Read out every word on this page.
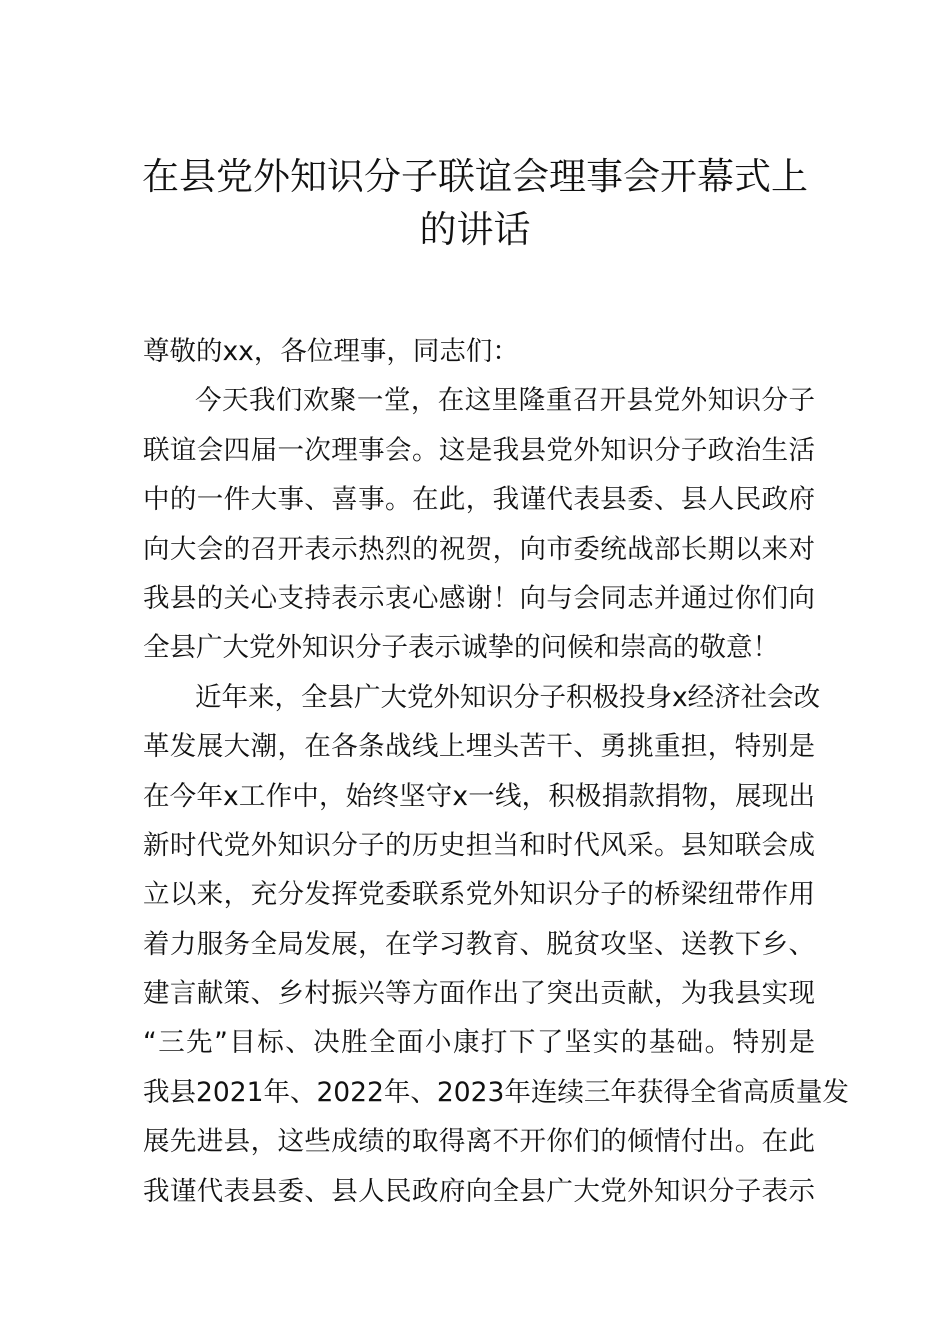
在县党外知识分子联谊会理事会开幕式上
的讲话
尊敬的xx，各位理事，同志们：
今天我们欢聚一堂，在这里隆重召开县党外知识分子
联谊会四届一次理事会。这是我县党外知识分子政治生活
中的一件大事、喜事。在此，我谨代表县委、县人民政府
向大会的召开表示热烈的祝贺，向市委统战部长期以来对
我县的关心支持表示衷心感谢！向与会同志并通过你们向
全县广大党外知识分子表示诚挚的问候和崇高的敬意！
近年来，全县广大党外知识分子积极投身x经济社会改
革发展大潮，在各条战线上埋头苦干、勇挑重担，特别是
在今年x工作中，始终坚守x一线，积极捐款捐物，展现出
新时代党外知识分子的历史担当和时代风采。县知联会成
立以来，充分发挥党委联系党外知识分子的桥梁纽带作用
着力服务全局发展，在学习教育、脱贫攻坚、送教下乡、
建言献策、乡村振兴等方面作出了突出贡献，为我县实现
“三先”目标、决胜全面小康打下了坚实的基础。特别是
我县2021年、2022年、2023年连续三年获得全省高质量发
展先进县，这些成绩的取得离不开你们的倾情付出。在此
我谨代表县委、县人民政府向全县广大党外知识分子表示
